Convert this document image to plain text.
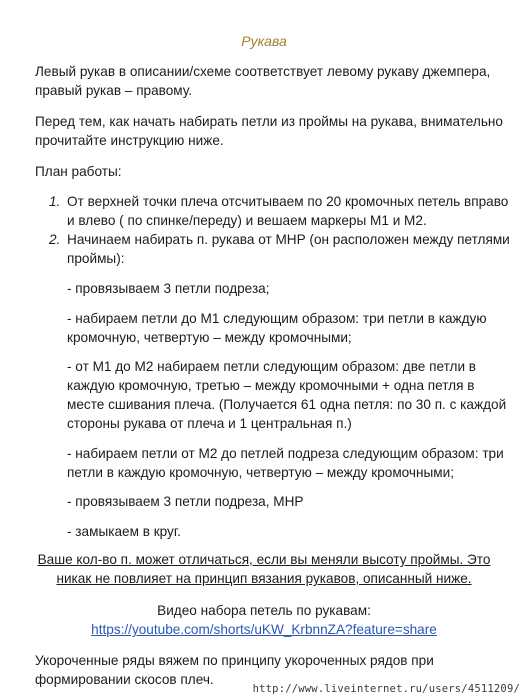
Рукава
Левый рукав в описании/схеме соответствует левому рукаву джемпера,
правый рукав – правому.
Перед тем, как начать набирать петли из проймы на рукава, внимательно
прочитайте инструкцию ниже.
План работы:
1. От верхней точки плеча отсчитываем по 20 кромочных петель вправо
и влево ( по спинке/переду) и вешаем маркеры М1 и М2.
2. Начинаем набирать п. рукава от МНР (он расположен между петлями
проймы):
- провязываем 3 петли подреза;
- набираем петли до М1 следующим образом: три петли в каждую
кромочную, четвертую – между кромочными;
- от М1 до М2 набираем петли следующим образом: две петли в
каждую кромочную, третью – между кромочными + одна петля в
месте сшивания плеча. (Получается 61 одна петля: по 30 п. с каждой
стороны рукава от плеча и 1 центральная п.)
- набираем петли от М2 до петлей подреза следующим образом: три
петли в каждую кромочную, четвертую – между кромочными;
- провязываем 3 петли подреза, МНР
- замыкаем в круг.
Ваше кол-во п. может отличаться, если вы меняли высоту проймы. Это
никак не повлияет на принцип вязания рукавов, описанный ниже.
Видео набора петель по рукавам:
https://youtube.com/shorts/uKW_KrbnnZA?feature=share
Укороченные ряды вяжем по принципу укороченных рядов при
формировании скосов плеч.
http://www.liveinternet.ru/users/4511209/
